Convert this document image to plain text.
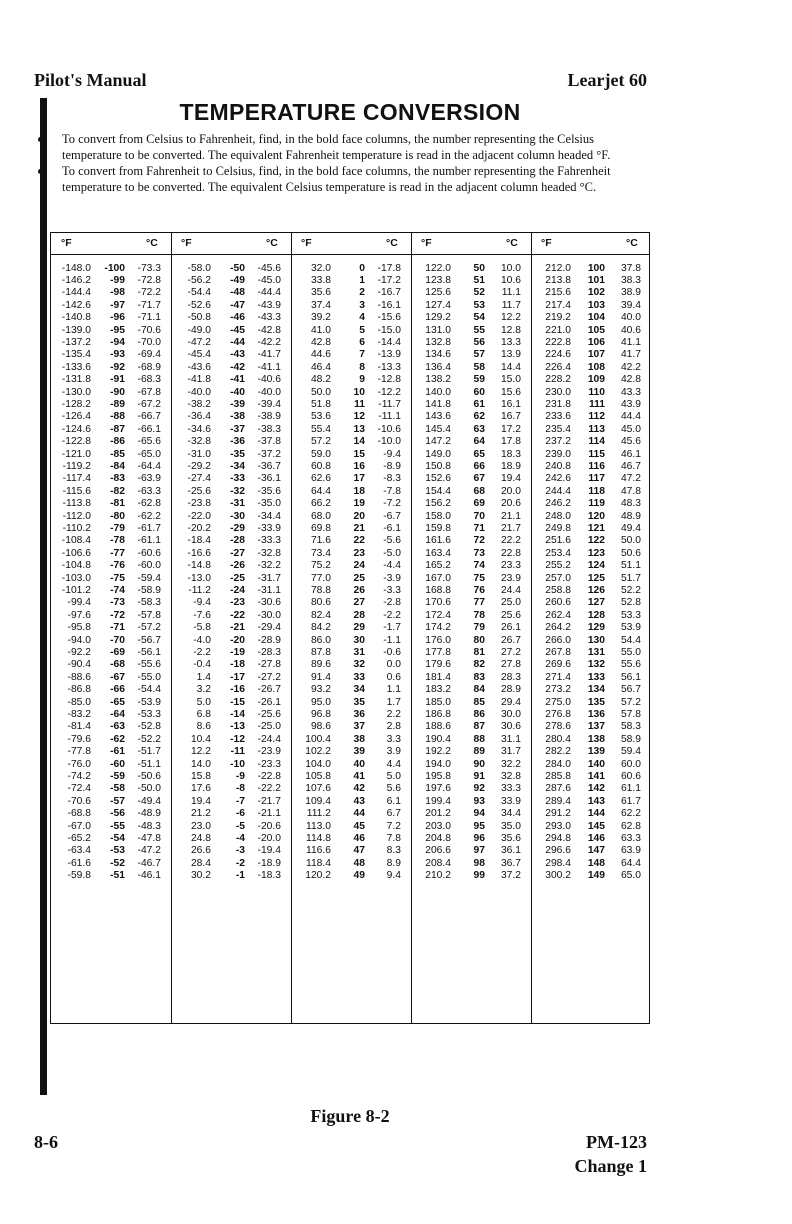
Pilot's Manual	Learjet 60
TEMPERATURE CONVERSION
To convert from Celsius to Fahrenheit, find, in the bold face columns, the number representing the Celsius temperature to be converted. The equivalent Fahrenheit temperature is read in the adjacent column headed °F.
To convert from Fahrenheit to Celsius, find, in the bold face columns, the number representing the Fahrenheit temperature to be converted. The equivalent Celsius temperature is read in the adjacent column headed °C.
°F	°C °F	°C °F	°C °F	°C °F	°C
-148.0	-100	-73.3	-58.0	-50	-45.6	32.0	0	-17.8	122.0	50	10.0	212.0	100	37.8
-146.2	-99	-72.8	-56.2	-49	-45.0	33.8	1	-17.2	123.8	51	10.6	213.8	101	38.3
-144.4	-98	-72.2	-54.4	-48	-44.4	35.6	2	-16.7	125.6	52	11.1	215.6	102	38.9
-142.6	-97	-71.7	-52.6	-47	-43.9	37.4	3	-16.1	127.4	53	11.7	217.4	103	39.4
-140.8	-96	-71.1	-50.8	-46	-43.3	39.2	4	-15.6	129.2	54	12.2	219.2	104	40.0
-139.0	-95	-70.6	-49.0	-45	-42.8	41.0	5	-15.0	131.0	55	12.8	221.0	105	40.6
-137.2	-94	-70.0	-47.2	-44	-42.2	42.8	6	-14.4	132.8	56	13.3	222.8	106	41.1
-135.4	-93	-69.4	-45.4	-43	-41.7	44.6	7	-13.9	134.6	57	13.9	224.6	107	41.7
-133.6	-92	-68.9	-43.6	-42	-41.1	46.4	8	-13.3	136.4	58	14.4	226.4	108	42.2
-131.8	-91	-68.3	-41.8	-41	-40.6	48.2	9	-12.8	138.2	59	15.0	228.2	109	42.8
-130.0	-90	-67.8	-40.0	-40	-40.0	50.0	10	-12.2	140.0	60	15.6	230.0	110	43.3
-128.2	-89	-67.2	-38.2	-39	-39.4	51.8	11	-11.7	141.8	61	16.1	231.8	111	43.9
-126.4	-88	-66.7	-36.4	-38	-38.9	53.6	12	-11.1	143.6	62	16.7	233.6	112	44.4
-124.6	-87	-66.1	-34.6	-37	-38.3	55.4	13	-10.6	145.4	63	17.2	235.4	113	45.0
-122.8	-86	-65.6	-32.8	-36	-37.8	57.2	14	-10.0	147.2	64	17.8	237.2	114	45.6
-121.0	-85	-65.0	-31.0	-35	-37.2	59.0	15	-9.4	149.0	65	18.3	239.0	115	46.1
-119.2	-84	-64.4	-29.2	-34	-36.7	60.8	16	-8.9	150.8	66	18.9	240.8	116	46.7
-117.4	-83	-63.9	-27.4	-33	-36.1	62.6	17	-8.3	152.6	67	19.4	242.6	117	47.2
-115.6	-82	-63.3	-25.6	-32	-35.6	64.4	18	-7.8	154.4	68	20.0	244.4	118	47.8
-113.8	-81	-62.8	-23.8	-31	-35.0	66.2	19	-7.2	156.2	69	20.6	246.2	119	48.3
-112.0	-80	-62.2	-22.0	-30	-34.4	68.0	20	-6.7	158.0	70	21.1	248.0	120	48.9
-110.2	-79	-61.7	-20.2	-29	-33.9	69.8	21	-6.1	159.8	71	21.7	249.8	121	49.4
-108.4	-78	-61.1	-18.4	-28	-33.3	71.6	22	-5.6	161.6	72	22.2	251.6	122	50.0
-106.6	-77	-60.6	-16.6	-27	-32.8	73.4	23	-5.0	163.4	73	22.8	253.4	123	50.6
-104.8	-76	-60.0	-14.8	-26	-32.2	75.2	24	-4.4	165.2	74	23.3	255.2	124	51.1
-103.0	-75	-59.4	-13.0	-25	-31.7	77.0	25	-3.9	167.0	75	23.9	257.0	125	51.7
-101.2	-74	-58.9	-11.2	-24	-31.1	78.8	26	-3.3	168.8	76	24.4	258.8	126	52.2
-99.4	-73	-58.3	-9.4	-23	-30.6	80.6	27	-2.8	170.6	77	25.0	260.6	127	52.8
-97.6	-72	-57.8	-7.6	-22	-30.0	82.4	28	-2.2	172.4	78	25.6	262.4	128	53.3
-95.8	-71	-57.2	-5.8	-21	-29.4	84.2	29	-1.7	174.2	79	26.1	264.2	129	53.9
-94.0	-70	-56.7	-4.0	-20	-28.9	86.0	30	-1.1	176.0	80	26.7	266.0	130	54.4
-92.2	-69	-56.1	-2.2	-19	-28.3	87.8	31	-0.6	177.8	81	27.2	267.8	131	55.0
-90.4	-68	-55.6	-0.4	-18	-27.8	89.6	32	0.0	179.6	82	27.8	269.6	132	55.6
-88.6	-67	-55.0	1.4	-17	-27.2	91.4	33	0.6	181.4	83	28.3	271.4	133	56.1
-86.8	-66	-54.4	3.2	-16	-26.7	93.2	34	1.1	183.2	84	28.9	273.2	134	56.7
-85.0	-65	-53.9	5.0	-15	-26.1	95.0	35	1.7	185.0	85	29.4	275.0	135	57.2
-83.2	-64	-53.3	6.8	-14	-25.6	96.8	36	2.2	186.8	86	30.0	276.8	136	57.8
-81.4	-63	-52.8	8.6	-13	-25.0	98.6	37	2.8	188.6	87	30.6	278.6	137	58.3
-79.6	-62	-52.2	10.4	-12	-24.4	100.4	38	3.3	190.4	88	31.1	280.4	138	58.9
-77.8	-61	-51.7	12.2	-11	-23.9	102.2	39	3.9	192.2	89	31.7	282.2	139	59.4
-76.0	-60	-51.1	14.0	-10	-23.3	104.0	40	4.4	194.0	90	32.2	284.0	140	60.0
-74.2	-59	-50.6	15.8	-9	-22.8	105.8	41	5.0	195.8	91	32.8	285.8	141	60.6
-72.4	-58	-50.0	17.6	-8	-22.2	107.6	42	5.6	197.6	92	33.3	287.6	142	61.1
-70.6	-57	-49.4	19.4	-7	-21.7	109.4	43	6.1	199.4	93	33.9	289.4	143	61.7
-68.8	-56	-48.9	21.2	-6	-21.1	111.2	44	6.7	201.2	94	34.4	291.2	144	62.2
-67.0	-55	-48.3	23.0	-5	-20.6	113.0	45	7.2	203.0	95	35.0	293.0	145	62.8
-65.2	-54	-47.8	24.8	-4	-20.0	114.8	46	7.8	204.8	96	35.6	294.8	146	63.3
-63.4	-53	-47.2	26.6	-3	-19.4	116.6	47	8.3	206.6	97	36.1	296.6	147	63.9
-61.6	-52	-46.7	28.4	-2	-18.9	118.4	48	8.9	208.4	98	36.7	298.4	148	64.4
-59.8	-51	-46.1	30.2	-1	-18.3	120.2	49	9.4	210.2	99	37.2	300.2	149	65.0
Figure 8-2
8-6	PM-123
Change 1
